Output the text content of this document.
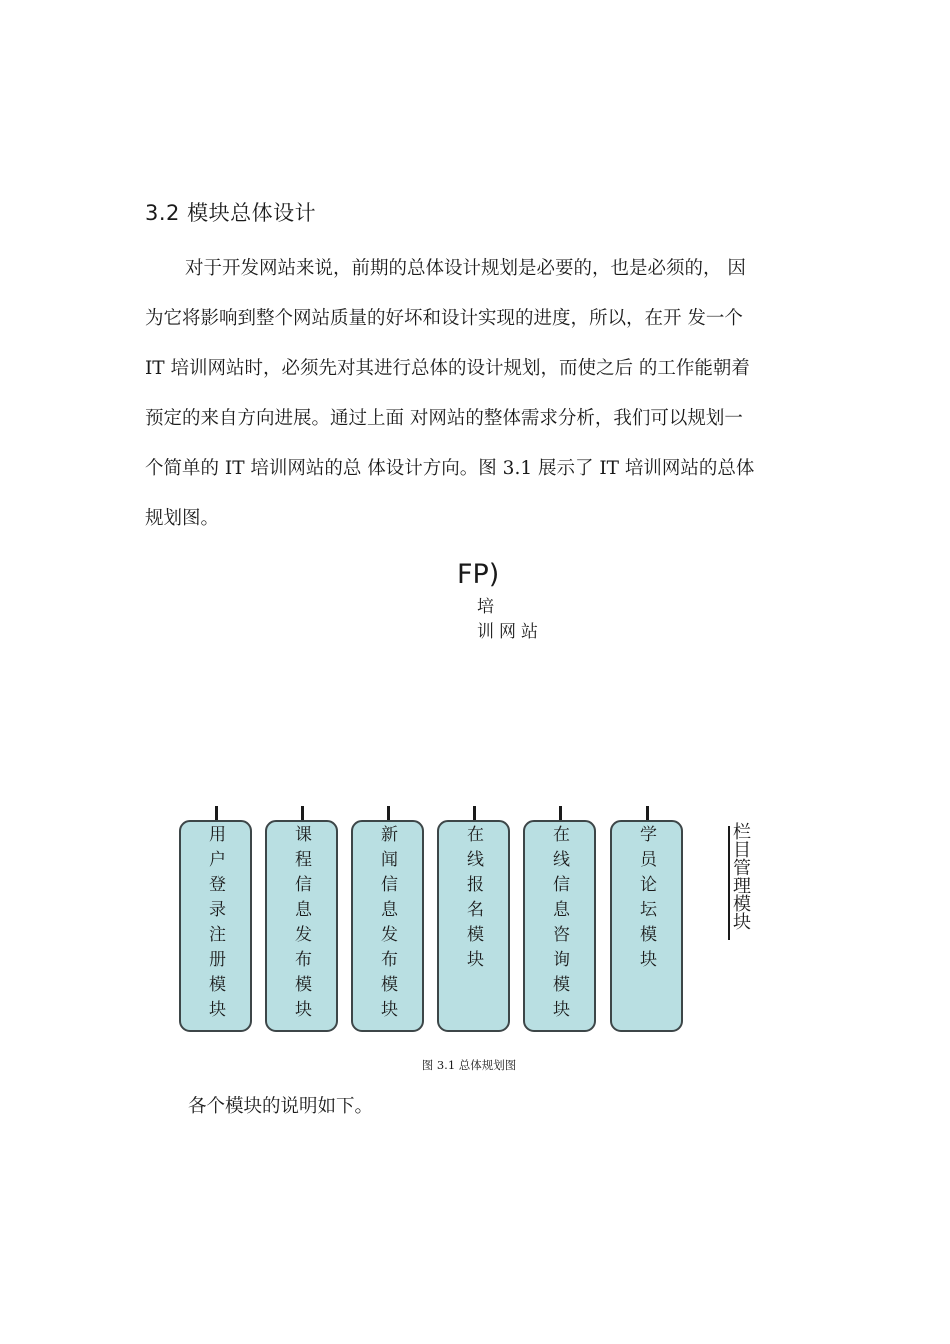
3.2 模块总体设计
对于开发网站来说，前期的总体设计规划是必要的，也是必须的， 因
为它将影响到整个网站质量的好坏和设计实现的进度，所以，在开 发一个
IT 培训网站时，必须先对其进行总体的设计规划，而使之后 的工作能朝着
预定的来自方向进展。通过上面 对网站的整体需求分析，我们可以规划一
个简单的 IT 培训网站的总 体设计方向。图 3.1 展示了 IT 培训网站的总体
规划图。
FP)
培
训网站
用户登录注册模块	课程信息发布模块	新闻信息发布模块	在线报名模块	在线信息咨询模块	学员论坛模块	栏目管理模块
图 3.1 总体规划图
各个模块的说明如下。
